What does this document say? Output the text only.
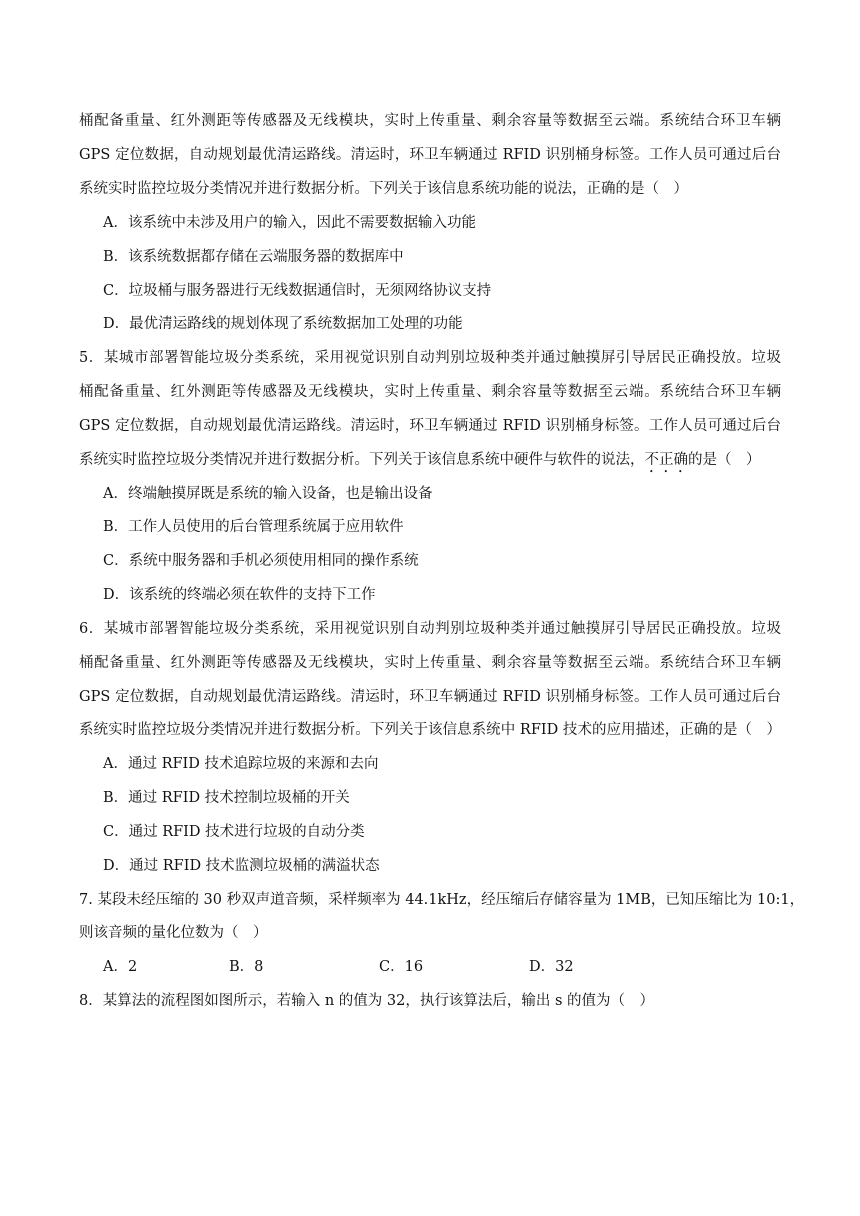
桶配备重量、红外测距等传感器及无线模块，实时上传重量、剩余容量等数据至云端。系统结合环卫车辆
GPS 定位数据，自动规划最优清运路线。清运时，环卫车辆通过 RFID 识别桶身标签。工作人员可通过后台
系统实时监控垃圾分类情况并进行数据分析。下列关于该信息系统功能的说法，正确的是（　）
A．该系统中未涉及用户的输入，因此不需要数据输入功能
B．该系统数据都存储在云端服务器的数据库中
C．垃圾桶与服务器进行无线数据通信时，无须网络协议支持
D．最优清运路线的规划体现了系统数据加工处理的功能
5．某城市部署智能垃圾分类系统，采用视觉识别自动判别垃圾种类并通过触摸屏引导居民正确投放。垃圾
桶配备重量、红外测距等传感器及无线模块，实时上传重量、剩余容量等数据至云端。系统结合环卫车辆
GPS 定位数据，自动规划最优清运路线。清运时，环卫车辆通过 RFID 识别桶身标签。工作人员可通过后台
系统实时监控垃圾分类情况并进行数据分析。下列关于该信息系统中硬件与软件的说法，不正确的是（　）
A．终端触摸屏既是系统的输入设备，也是输出设备
B．工作人员使用的后台管理系统属于应用软件
C．系统中服务器和手机必须使用相同的操作系统
D．该系统的终端必须在软件的支持下工作
6．某城市部署智能垃圾分类系统，采用视觉识别自动判别垃圾种类并通过触摸屏引导居民正确投放。垃圾
桶配备重量、红外测距等传感器及无线模块，实时上传重量、剩余容量等数据至云端。系统结合环卫车辆
GPS 定位数据，自动规划最优清运路线。清运时，环卫车辆通过 RFID 识别桶身标签。工作人员可通过后台
系统实时监控垃圾分类情况并进行数据分析。下列关于该信息系统中 RFID 技术的应用描述，正确的是（　）
A．通过 RFID 技术追踪垃圾的来源和去向
B．通过 RFID 技术控制垃圾桶的开关
C．通过 RFID 技术进行垃圾的自动分类
D．通过 RFID 技术监测垃圾桶的满溢状态
7. 某段未经压缩的 30 秒双声道音频，采样频率为 44.1kHz，经压缩后存储容量为 1MB，已知压缩比为 10:1，
则该音频的量化位数为（　）
A．2	B．8	C．16	D．32
8．某算法的流程图如图所示，若输入 n 的值为 32，执行该算法后，输出 s 的值为（　）
